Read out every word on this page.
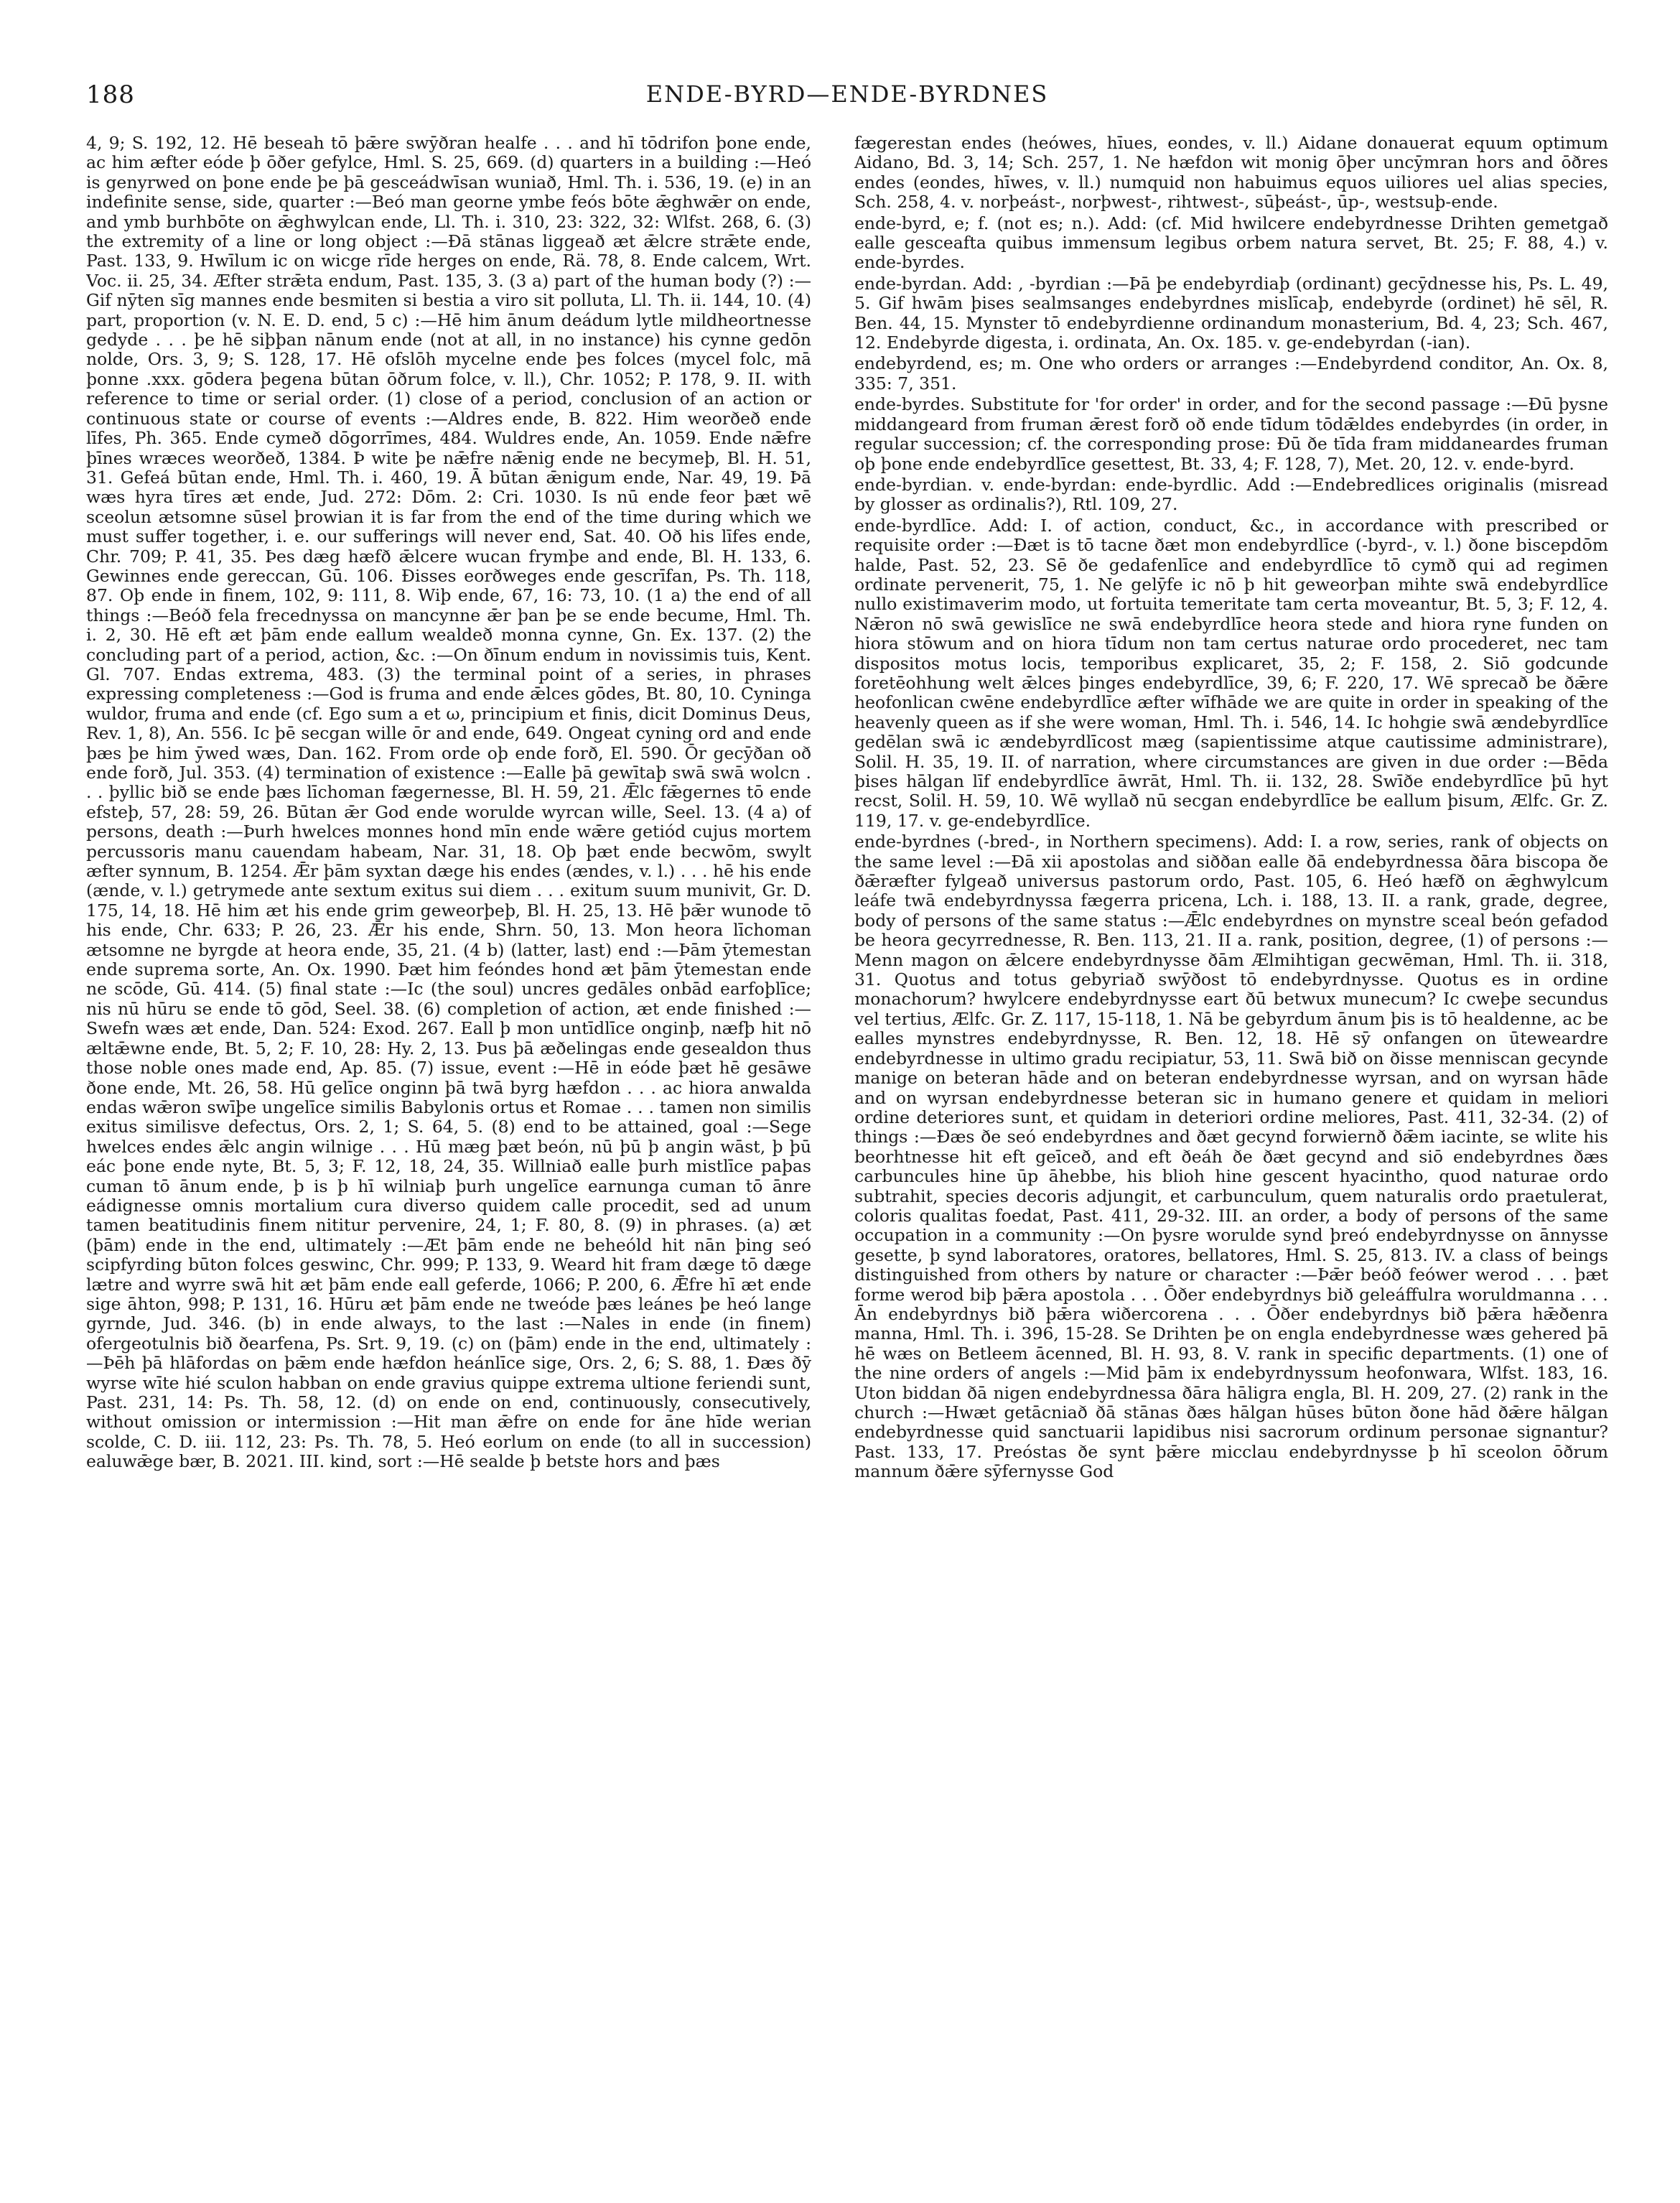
188	ENDE-BYRD—ENDE-BYRDNES

4, 9; S. 192, 12. Hē beseah tō þǣre swȳðran healfe . . . and hī tōdrifon þone ende, ac him æfter eóde þ ōðer gefylce, Hml. S. 25, 669. (d) quarters in a building :—Heó is genyrwed on þone ende þe þā gesceádwīsan wuniað, Hml. Th. i. 536, 19. (e) in an indefinite sense, side, quarter :—Beó man georne ymbe feós bōte ǣghwǣr on ende, and ymb burhbōte on ǣghwylcan ende, Ll. Th. i. 310, 23: 322, 32: Wlfst. 268, 6. (3) the extremity of a line or long object :—Đā stānas liggeað æt ǣlcre strǣte ende, Past. 133, 9. Hwīlum ic on wicge rīde herges on ende, Rä. 78, 8. Ende calcem, Wrt. Voc. ii. 25, 34. Æfter strǣta endum, Past. 135, 3. (3 a) part of the human body (?) :—Gif nȳten sīg mannes ende besmiten si bestia a viro sit polluta, Ll. Th. ii. 144, 10. (4) part, proportion (v. N. E. D. end, 5 c) :—Hē him ānum deádum lytle mildheortnesse gedyde . . . þe hē siþþan nānum ende (not at all, in no instance) his cynne gedōn nolde, Ors. 3, 9; S. 128, 17. Hē ofslōh mycelne ende þes folces (mycel folc, mā þonne .xxx. gōdera þegena būtan ōðrum folce, v. ll.), Chr. 1052; P. 178, 9. II. with reference to time or serial order. (1) close of a period, conclusion of an action or continuous state or course of events :—Aldres ende, B. 822. Him weorðeð ende līfes, Ph. 365. Ende cymeð dōgorrīmes, 484. Wuldres ende, An. 1059. Ende nǣfre þīnes wræces weorðeð, 1384. Þ wite þe nǣfre nǣnig ende ne becymeþ, Bl. H. 51, 31. Gefeá būtan ende, Hml. Th. i. 460, 19. Ā būtan ǣnigum ende, Nar. 49, 19. Þā wæs hyra tīres æt ende, Jud. 272: Dōm. 2: Cri. 1030. Is nū ende feor þæt wē sceolun ætsomne sūsel þrowian it is far from the end of the time during which we must suffer together, i. e. our sufferings will never end, Sat. 40. Oð his līfes ende, Chr. 709; P. 41, 35. Þes dæg hæfð ǣlcere wucan frymþe and ende, Bl. H. 133, 6. Gewinnes ende gereccan, Gū. 106. Đisses eorðweges ende gescrīfan, Ps. Th. 118, 87. Oþ ende in finem, 102, 9: 111, 8. Wiþ ende, 67, 16: 73, 10. (1 a) the end of all things :—Beóð fela frecednyssa on mancynne ǣr þan þe se ende becume, Hml. Th. i. 2, 30. Hē eft æt þām ende eallum wealdeð monna cynne, Gn. Ex. 137. (2) the concluding part of a period, action, &c. :—On ðīnum endum in novissimis tuis, Kent. Gl. 707. Endas extrema, 483. (3) the terminal point of a series, in phrases expressing completeness :—God is fruma and ende ǣlces gōdes, Bt. 80, 10. Cyninga wuldor, fruma and ende (cf. Ego sum a et ω, principium et finis, dicit Dominus Deus, Rev. 1, 8), An. 556. Ic þē secgan wille ōr and ende, 649. Ongeat cyning ord and ende þæs þe him ȳwed wæs, Dan. 162. From orde oþ ende forð, El. 590. Ōr gecȳðan oð ende forð, Jul. 353. (4) termination of existence :—Ealle þā gewītaþ swā swā wolcn . . . þyllic bið se ende þæs līchoman fægernesse, Bl. H. 59, 21. Ǣlc fǣgernes tō ende efsteþ, 57, 28: 59, 26. Būtan ǣr God ende worulde wyrcan wille, Seel. 13. (4 a) of persons, death :—Þurh hwelces monnes hond mīn ende wǣre getiód cujus mortem percussoris manu cauendam habeam, Nar. 31, 18. Oþ þæt ende becwōm, swylt æfter synnum, B. 1254. Ǣr þām syxtan dæge his endes (ændes, v. l.) . . . hē his ende (ænde, v. l.) getrymede ante sextum exitus sui diem . . . exitum suum munivit, Gr. D. 175, 14, 18. Hē him æt his ende grim geweorþeþ, Bl. H. 25, 13. Hē þǣr wunode tō his ende, Chr. 633; P. 26, 23. Ǣr his ende, Shrn. 50, 13. Mon heora līchoman ætsomne ne byrgde at heora ende, 35, 21. (4 b) (latter, last) end :—Þām ȳtemestan ende suprema sorte, An. Ox. 1990. Þæt him feóndes hond æt þām ȳtemestan ende ne scōde, Gū. 414. (5) final state :—Ic (the soul) uncres gedāles onbād earfoþlīce; nis nū hūru se ende tō gōd, Seel. 38. (6) completion of action, æt ende finished :—Swefn wæs æt ende, Dan. 524: Exod. 267. Eall þ mon untīdlīce onginþ, næfþ hit nō æltǣwne ende, Bt. 5, 2; F. 10, 28: Hy. 2, 13. Þus þā æðelingas ende gesealdon thus those noble ones made end, Ap. 85. (7) issue, event :—Hē in eóde þæt hē gesāwe ðone ende, Mt. 26, 58. Hū gelīce onginn þā twā byrg hæfdon . . . ac hiora anwalda endas wǣron swīþe ungelīce similis Babylonis ortus et Romae . . . tamen non similis exitus similisve defectus, Ors. 2, 1; S. 64, 5. (8) end to be attained, goal :—Sege hwelces endes ǣlc angin wilnige . . . Hū mæg þæt beón, nū þū þ angin wāst, þ þū eác þone ende nyte, Bt. 5, 3; F. 12, 18, 24, 35. Willniað ealle þurh mistlīce paþas cuman tō ānum ende, þ is þ hī wilniaþ þurh ungelīce earnunga cuman tō ānre eádignesse omnis mortalium cura diverso quidem calle procedit, sed ad unum tamen beatitudinis finem nititur pervenire, 24, 1; F. 80, 8. (9) in phrases. (a) æt (þām) ende in the end, ultimately :—Æt þām ende ne beheóld hit nān þing seó scipfyrding būton folces geswinc, Chr. 999; P. 133, 9. Weard hit fram dæge tō dæge lætre and wyrre swā hit æt þām ende eall geferde, 1066; P. 200, 6. Ǣfre hī æt ende sige āhton, 998; P. 131, 16. Hūru æt þām ende ne tweóde þæs leánes þe heó lange gyrnde, Jud. 346. (b) in ende always, to the last :—Nales in ende (in finem) ofergeotulnis bið ðearfena, Ps. Srt. 9, 19. (c) on (þām) ende in the end, ultimately :—Þēh þā hlāfordas on þǣm ende hæfdon heánlīce sige, Ors. 2, 6; S. 88, 1. Đæs ðȳ wyrse wīte hié sculon habban on ende gravius quippe extrema ultione feriendi sunt, Past. 231, 14: Ps. Th. 58, 12. (d) on ende on end, continuously, consecutively, without omission or intermission :—Hit man ǣfre on ende for āne hīde werian scolde, C. D. iii. 112, 23: Ps. Th. 78, 5. Heó eorlum on ende (to all in succession) ealuwǣge bær, B. 2021. III. kind, sort :—Hē sealde þ betste hors and þæs

fægerestan endes (heówes, hīues, eondes, v. ll.) Aidane donauerat equum optimum Aidano, Bd. 3, 14; Sch. 257, 1. Ne hæfdon wit monig ōþer uncȳmran hors and ōðres endes (eondes, hīwes, v. ll.) numquid non habuimus equos uiliores uel alias species, Sch. 258, 4. v. norþeást-, norþwest-, rihtwest-, sūþeást-, ūp-, westsuþ-ende.

ende-byrd, e; f. (not es; n.). Add: (cf. Mid hwilcere endebyrdnesse Drihten gemetgað ealle gesceafta quibus immensum legibus orbem natura servet, Bt. 25; F. 88, 4.) v. ende-byrdes.

ende-byrdan. Add: , -byrdian :—Þā þe endebyrdiaþ (ordinant) gecȳdnesse his, Ps. L. 49, 5. Gif hwām þises sealmsanges endebyrdnes mislīcaþ, endebyrde (ordinet) hē sēl, R. Ben. 44, 15. Mynster tō endebyrdienne ordinandum monasterium, Bd. 4, 23; Sch. 467, 12. Endebyrde digesta, i. ordinata, An. Ox. 185. v. ge-endebyrdan (-ian).

endebyrdend, es; m. One who orders or arranges :—Endebyrdend conditor, An. Ox. 8, 335: 7, 351.

ende-byrdes. Substitute for 'for order' in order, and for the second passage :—Đū þysne middangeard from fruman ǣrest forð oð ende tīdum tōdǣldes endebyrdes (in order, in regular succession; cf. the corresponding prose: Đū ðe tīda fram middaneardes fruman oþ þone ende endebyrdlīce gesettest, Bt. 33, 4; F. 128, 7), Met. 20, 12. v. ende-byrd.

ende-byrdian. v. ende-byrdan: ende-byrdlic. Add :—Endebredlices originalis (misread by glosser as ordinalis?), Rtl. 109, 27.

ende-byrdlīce. Add: I. of action, conduct, &c., in accordance with prescribed or requisite order :—Đæt is tō tacne ðæt mon endebyrdlīce (-byrd-, v. l.) ðone biscepdōm halde, Past. 52, 23. Sē ðe gedafenlīce and endebyrdlīce tō cymð qui ad regimen ordinate pervenerit, 75, 1. Ne gelȳfe ic nō þ hit geweorþan mihte swā endebyrdlīce nullo existimaverim modo, ut fortuita temeritate tam certa moveantur, Bt. 5, 3; F. 12, 4. Nǣron nō swā gewislīce ne swā endebyrdlīce heora stede and hiora ryne funden on hiora stōwum and on hiora tīdum non tam certus naturae ordo procederet, nec tam dispositos motus locis, temporibus explicaret, 35, 2; F. 158, 2. Siō godcunde foretēohhung welt ǣlces þinges endebyrdlīce, 39, 6; F. 220, 17. Wē sprecað be ðǣre heofonlican cwēne endebyrdlīce æfter wīfhāde we are quite in order in speaking of the heavenly queen as if she were woman, Hml. Th. i. 546, 14. Ic hohgie swā ændebyrdlīce gedēlan swā ic ændebyrdlīcost mæg (sapientissime atque cautissime administrare), Solil. H. 35, 19. II. of narration, where circumstances are given in due order :—Bēda þises hālgan līf endebyrdlīce āwrāt, Hml. Th. ii. 132, 28. Swīðe endebyrdlīce þū hyt recst, Solil. H. 59, 10. Wē wyllað nū secgan endebyrdlīce be eallum þisum, Ælfc. Gr. Z. 119, 17. v. ge-endebyrdlīce.

ende-byrdnes (-bred-, in Northern specimens). Add: I. a row, series, rank of objects on the same level :—Đā xii apostolas and siððan ealle ðā endebyrdnessa ðāra biscopa ðe ðǣræfter fylgeað universus pastorum ordo, Past. 105, 6. Heó hæfð on ǣghwylcum leáfe twā endebyrdnyssa fægerra pricena, Lch. i. 188, 13. II. a rank, grade, degree, body of persons of the same status :—Ǣlc endebyrdnes on mynstre sceal beón gefadod be heora gecyrrednesse, R. Ben. 113, 21. II a. rank, position, degree, (1) of persons :—Menn magon on ǣlcere endebyrdnysse ðām Ælmihtigan gecwēman, Hml. Th. ii. 318, 31. Quotus and totus gebyriað swȳðost tō endebyrdnysse. Quotus es in ordine monachorum? hwylcere endebyrdnysse eart ðū betwux munecum? Ic cweþe secundus vel tertius, Ælfc. Gr. Z. 117, 15-118, 1. Nā be gebyrdum ānum þis is tō healdenne, ac be ealles mynstres endebyrdnysse, R. Ben. 12, 18. Hē sȳ onfangen on ūteweardre endebyrdnesse in ultimo gradu recipiatur, 53, 11. Swā bið on ðisse menniscan gecynde manige on beteran hāde and on beteran endebyrdnesse wyrsan, and on wyrsan hāde and on wyrsan endebyrdnesse beteran sic in humano genere et quidam in meliori ordine deteriores sunt, et quidam in deteriori ordine meliores, Past. 411, 32-34. (2) of things :—Đæs ðe seó endebyrdnes and ðæt gecynd forwiernð ðǣm iacinte, se wlite his beorhtnesse hit eft geīceð, and eft ðeáh ðe ðæt gecynd and siō endebyrdnes ðæs carbuncules hine ūp āhebbe, his blioh hine gescent hyacintho, quod naturae ordo subtrahit, species decoris adjungit, et carbunculum, quem naturalis ordo praetulerat, coloris qualitas foedat, Past. 411, 29-32. III. an order, a body of persons of the same occupation in a community :—On þysre worulde synd þreó endebyrdnysse on ānnysse gesette, þ synd laboratores, oratores, bellatores, Hml. S. 25, 813. IV. a class of beings distinguished from others by nature or character :—Þǣr beóð feówer werod . . . þæt forme werod biþ þǣra apostola . . . Ōðer endebyrdnys bið geleáffulra woruldmanna . . . Ān endebyrdnys bið þǣra wiðercorena . . . Ōðer endebyrdnys bið þǣra hǣðenra manna, Hml. Th. i. 396, 15-28. Se Drihten þe on engla endebyrdnesse wæs gehered þā hē wæs on Betleem ācenned, Bl. H. 93, 8. V. rank in specific departments. (1) one of the nine orders of angels :—Mid þām ix endebyrdnyssum heofonwara, Wlfst. 183, 16. Uton biddan ðā nigen endebyrdnessa ðāra hāligra engla, Bl. H. 209, 27. (2) rank in the church :—Hwæt getācniað ðā stānas ðæs hālgan hūses būton ðone hād ðǣre hālgan endebyrdnesse quid sanctuarii lapidibus nisi sacrorum ordinum personae signantur? Past. 133, 17. Preóstas ðe synt þǣre micclau endebyrdnysse þ hī sceolon ōðrum mannum ðǣre sȳfernysse God
